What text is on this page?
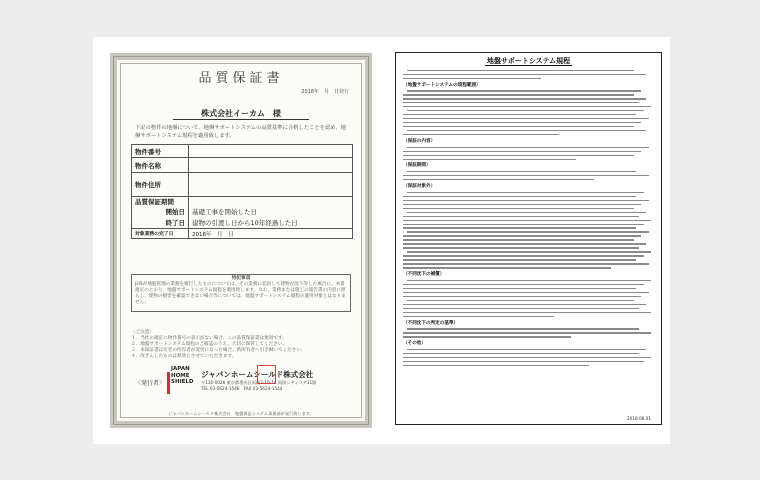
品質保証書
2018年　月　日発行
株式会社イーカム　様
下記の物件の地盤について、地盤サポートシステムの品質基準に合格したことを認め、地盤サポートシステム規程を適用致します。
物件番号	
物件名称	
物件住所	
品質保証期間	
開始日	基礎工事を開始した日
終了日	建物の引渡し日から10年経過した日
対象業務の完了日	2018年　月　日
特記事項
JHSが地盤管理の業務を履行したものについては、その業務に起因して建物が沈下等した場合に、本書規定のとおり、地盤サポートシステム規程を適用致します。なお、業務または施工の報告書の内容に照らし、建物の損害を確認できない場合等については、地盤サポートシステム規程の適用対象とはなりません。
〈ご注意〉
１．当社の規定に物件番号の表示がない場合、この品質保証書は無効です。
２．地盤サポートシステム規程のご確認のうえ、大切に保管してください。
３．本保証書は住宅の所有者が変更になった場合、新所有者へ引き継いでください。
４．改ざんしたものは無効とさせていただきます。
〈発行者〉
JAPAN
HOME
SHIELD
ジャパンホームシールド株式会社
〒130-0026 東京都墨田区両国2-10-14 両国シティコア11階
TEL 03-5624-1546　FAX 03-5624-1544
ジャパンホームシールド株式会社　地盤保証システム事業部が発行致します。
地盤サポートシステム規程
（地盤サポートシステムの規程範囲）
（保証の内容）
（保証期間）
（保証対象外）
（不同沈下の補償）
（不同沈下の判定の基準）
（その他）
2018.08.01
